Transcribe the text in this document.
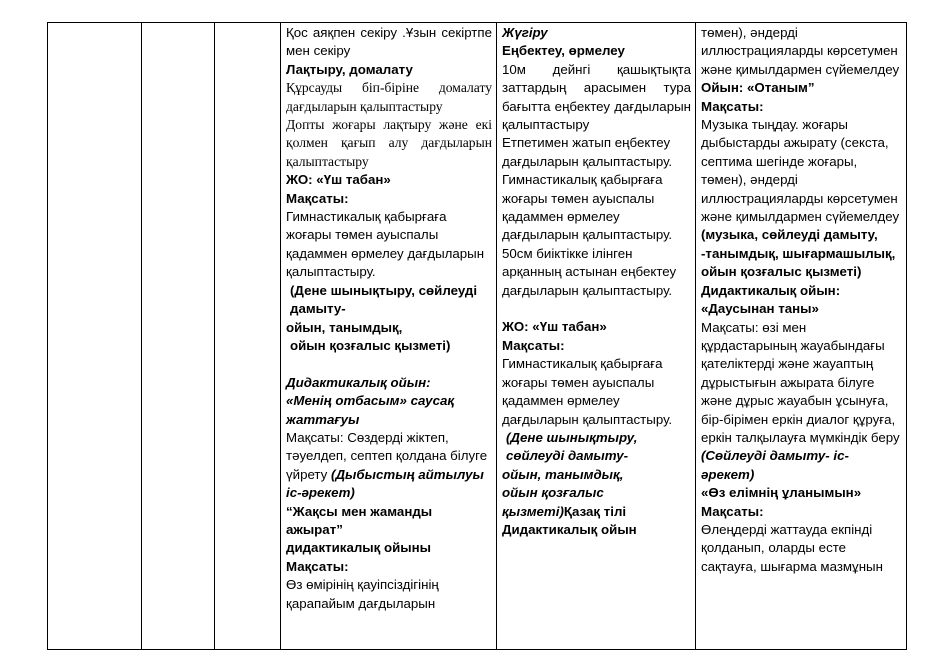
Қос аяқпен секіру .Ұзын секіртпе мен секіру
Лақтыру, домалату
Құрсауды біп-біріне домалату дағдыларын қалыптастыру
Допты жоғары лақтыру және екі қолмен қағып алу дағдыларын қалыптастыру
ЖО: «Үш табан»
Мақсаты:
Гимнастикалық қабырғаға жоғары төмен ауыспалы қадаммен өрмелеу дағдыларын қалыптастыру.
(Дене шынықтыру, сөйлеуді дамыту-
ойын, танымдық,
ойын қозғалыс қызметі)
Дидактикалық ойын:
«Менің отбасым» саусақ жаттағуы
Мақсаты: Сөздерді жіктеп, тәуелдеп, септеп қолдана білуге үйрету (Дыбыстың айтылуы іс-әрекет)
“Жақсы мен жаманды ажырат”
дидактикалық ойыны
Мақсаты:
Өз өмірінің қауіпсіздігінің қарапайым дағдыларын

Жүгіру
Еңбектеу, өрмелеу
10м дейнгі қашықтықта заттардың арасымен тура бағытта еңбектеу дағдыларын қалыптастыру
Етпетимен жатып еңбектеу дағдыларын қалыптастыру.
Гимнастикалық қабырғаға жоғары төмен ауыспалы қадаммен өрмелеу дағдыларын қалыптастыру.
50см биіктікке ілінген арқанның астынан еңбектеу дағдыларын қалыптастыру.
ЖО: «Үш табан»
Мақсаты:
Гимнастикалық қабырғаға жоғары төмен ауыспалы қадаммен өрмелеу дағдыларын қалыптастыру.
(Дене шынықтыру, сөйлеуді дамыту-
ойын, танымдық,
ойын қозғалыс қызметі)Қазақ тілі
Дидактикалық ойын

төмен), әндерді иллюстрацияларды көрсетумен және қимылдармен сүйемелдеу
Ойын: «Отаным”
Мақсаты:
Музыка тыңдау. жоғары дыбыстарды ажырату (секста, септима шегінде жоғары, төмен), әндерді иллюстрацияларды көрсетумен және қимылдармен сүйемелдеу
(музыка, сөйлеуді дамыту, -танымдық, шығармашылық, ойын қозғалыс қызметі)
Дидактикалық ойын:
«Даусынан таны»
Мақсаты: өзі мен құрдастарының жауабындағы қателіктерді және жауаптың дұрыстығын ажырата білуге және дұрыс жауабын ұсынуға, бір-бірімен еркін диалог құруға, еркін талқылауға мүмкіндік беру (Сөйлеуді дамыту- іс-әрекет)
«Өз елімнің ұланымын»
Мақсаты:
Өлеңдерді жаттауда екпінді қолданып, оларды есте сақтауға, шығарма мазмұнын
